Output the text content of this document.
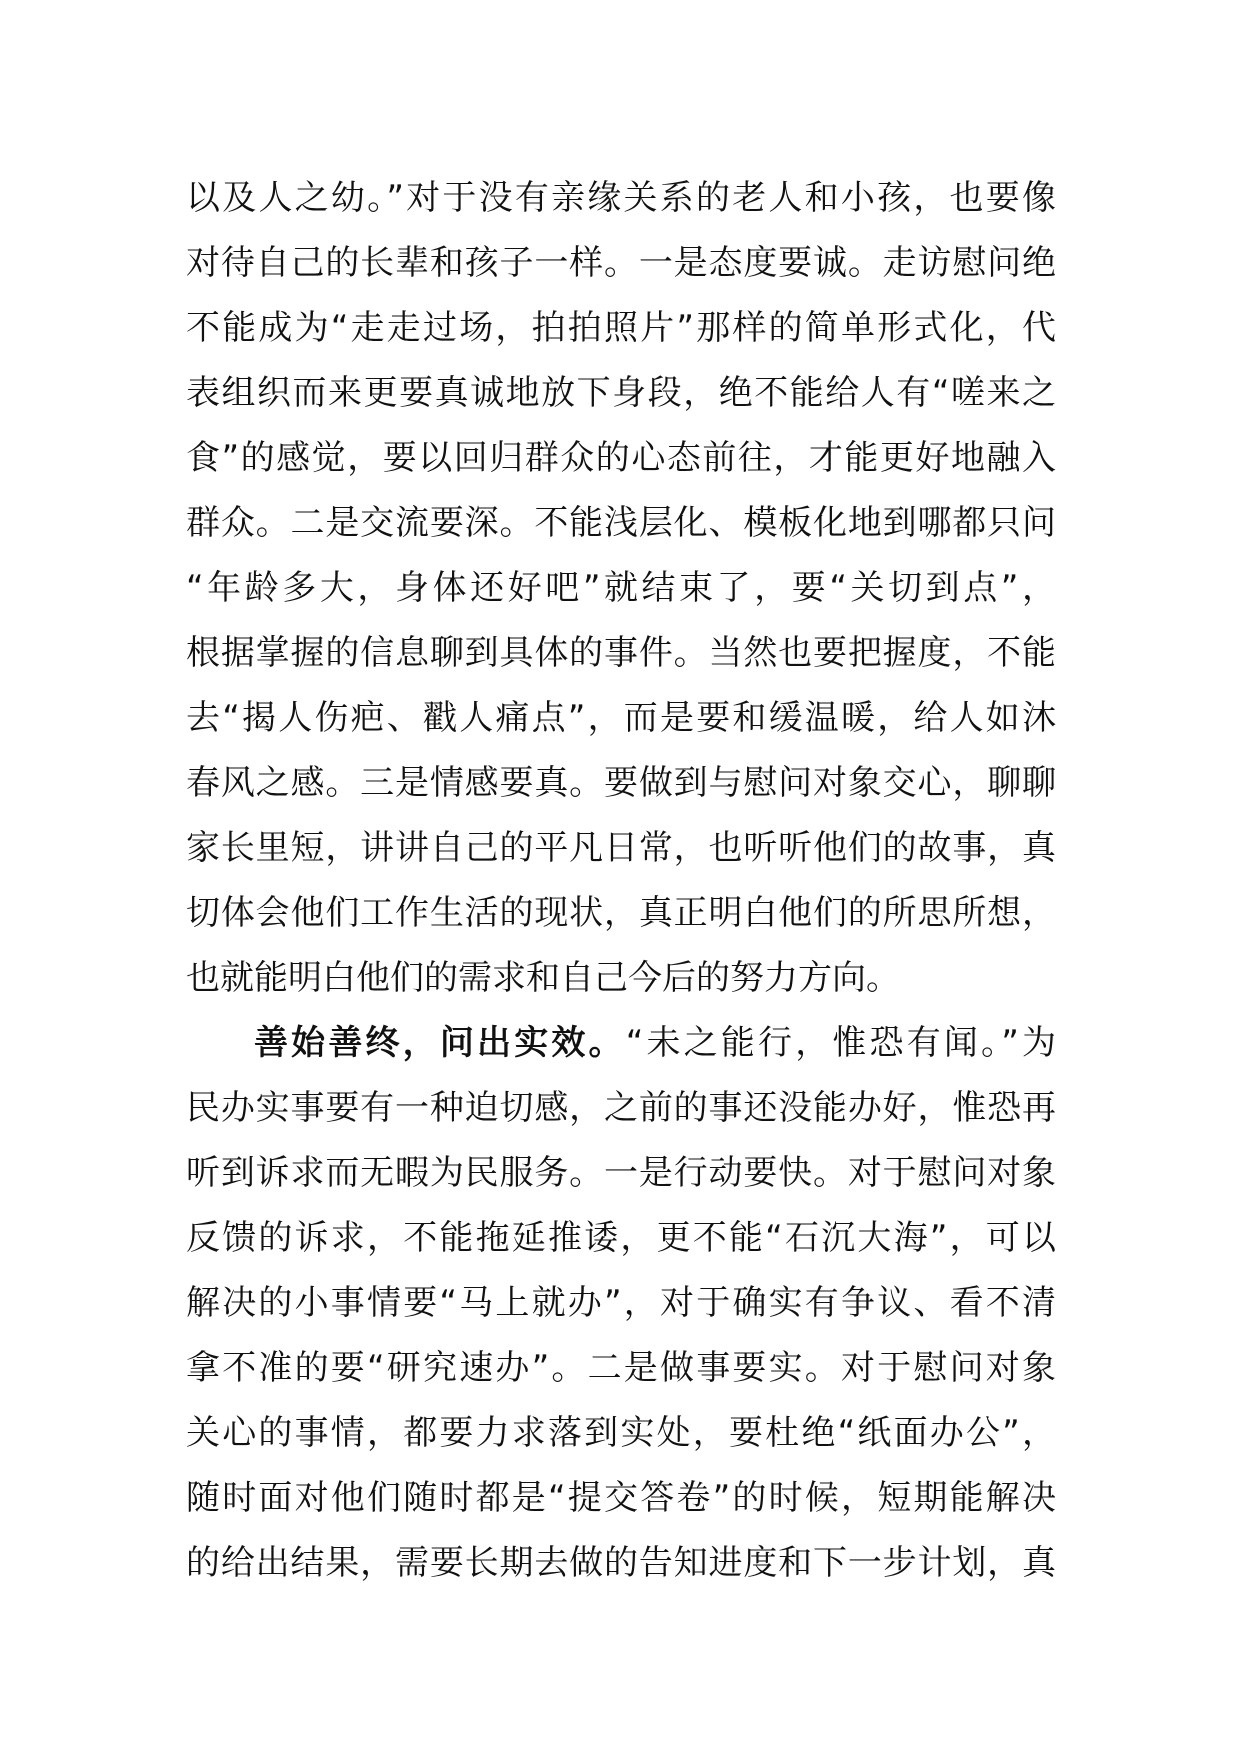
以及人之幼。”对于没有亲缘关系的老人和小孩，也要像
对待自己的长辈和孩子一样。一是态度要诚。走访慰问绝
不能成为“走走过场，拍拍照片”那样的简单形式化，代
表组织而来更要真诚地放下身段，绝不能给人有“嗟来之
食”的感觉，要以回归群众的心态前往，才能更好地融入
群众。二是交流要深。不能浅层化、模板化地到哪都只问
“年龄多大，身体还好吧”就结束了，要“关切到点”，
根据掌握的信息聊到具体的事件。当然也要把握度，不能
去“揭人伤疤、戳人痛点”，而是要和缓温暖，给人如沐
春风之感。三是情感要真。要做到与慰问对象交心，聊聊
家长里短，讲讲自己的平凡日常，也听听他们的故事，真
切体会他们工作生活的现状，真正明白他们的所思所想，
也就能明白他们的需求和自己今后的努力方向。
善始善终，问出实效。“未之能行，惟恐有闻。”为
民办实事要有一种迫切感，之前的事还没能办好，惟恐再
听到诉求而无暇为民服务。一是行动要快。对于慰问对象
反馈的诉求，不能拖延推诿，更不能“石沉大海”，可以
解决的小事情要“马上就办”，对于确实有争议、看不清
拿不准的要“研究速办”。二是做事要实。对于慰问对象
关心的事情，都要力求落到实处，要杜绝“纸面办公”，
随时面对他们随时都是“提交答卷”的时候，短期能解决
的给出结果，需要长期去做的告知进度和下一步计划，真
